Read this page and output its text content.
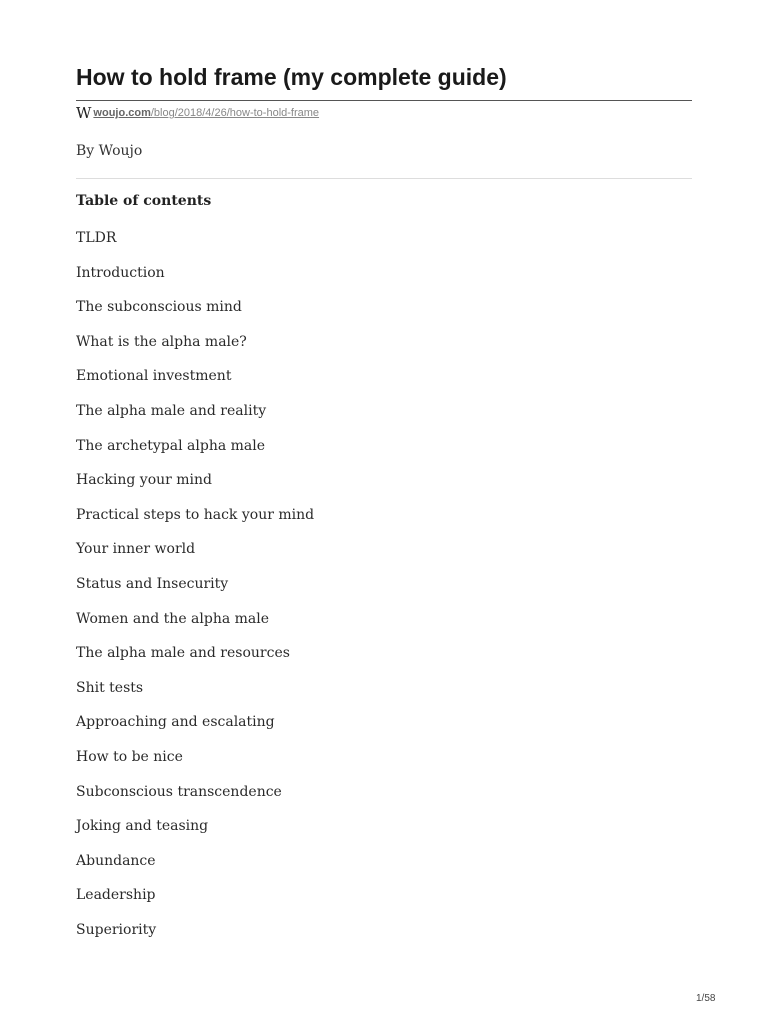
How to hold frame (my complete guide)
W woujo.com /blog/2018/4/26/how-to-hold-frame
By Woujo
Table of contents
TLDR
Introduction
The subconscious mind
What is the alpha male?
Emotional investment
The alpha male and reality
The archetypal alpha male
Hacking your mind
Practical steps to hack your mind
Your inner world
Status and Insecurity
Women and the alpha male
The alpha male and resources
Shit tests
Approaching and escalating
How to be nice
Subconscious transcendence
Joking and teasing
Abundance
Leadership
Superiority
1/58
